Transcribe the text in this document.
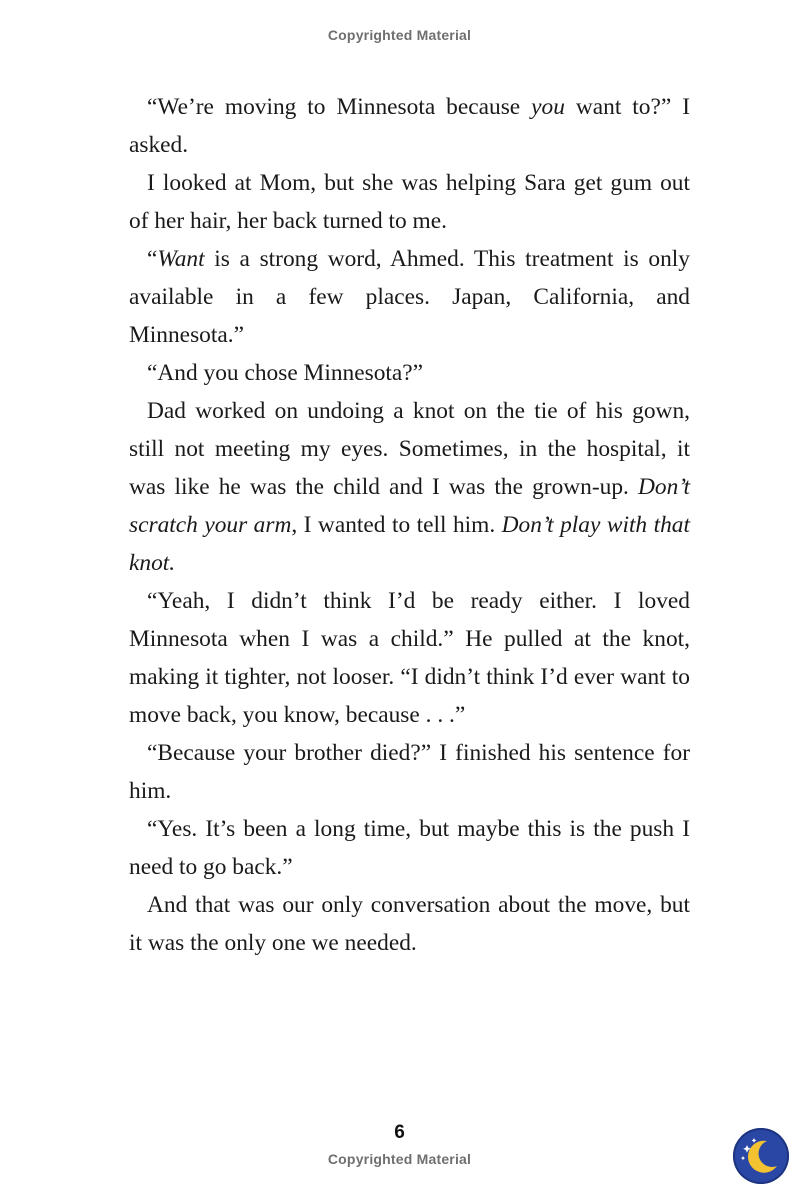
Copyrighted Material

“We’re moving to Minnesota because you want to?” I asked.

I looked at Mom, but she was helping Sara get gum out of her hair, her back turned to me.

“Want is a strong word, Ahmed. This treatment is only available in a few places. Japan, California, and Minnesota.”

“And you chose Minnesota?”

Dad worked on undoing a knot on the tie of his gown, still not meeting my eyes. Sometimes, in the hospital, it was like he was the child and I was the grown-up. Don’t scratch your arm, I wanted to tell him. Don’t play with that knot.

“Yeah, I didn’t think I’d be ready either. I loved Minnesota when I was a child.” He pulled at the knot, making it tighter, not looser. “I didn’t think I’d ever want to move back, you know, because . . .”

“Because your brother died?” I finished his sentence for him.

“Yes. It’s been a long time, but maybe this is the push I need to go back.”

And that was our only conversation about the move, but it was the only one we needed.

6
Copyrighted Material
